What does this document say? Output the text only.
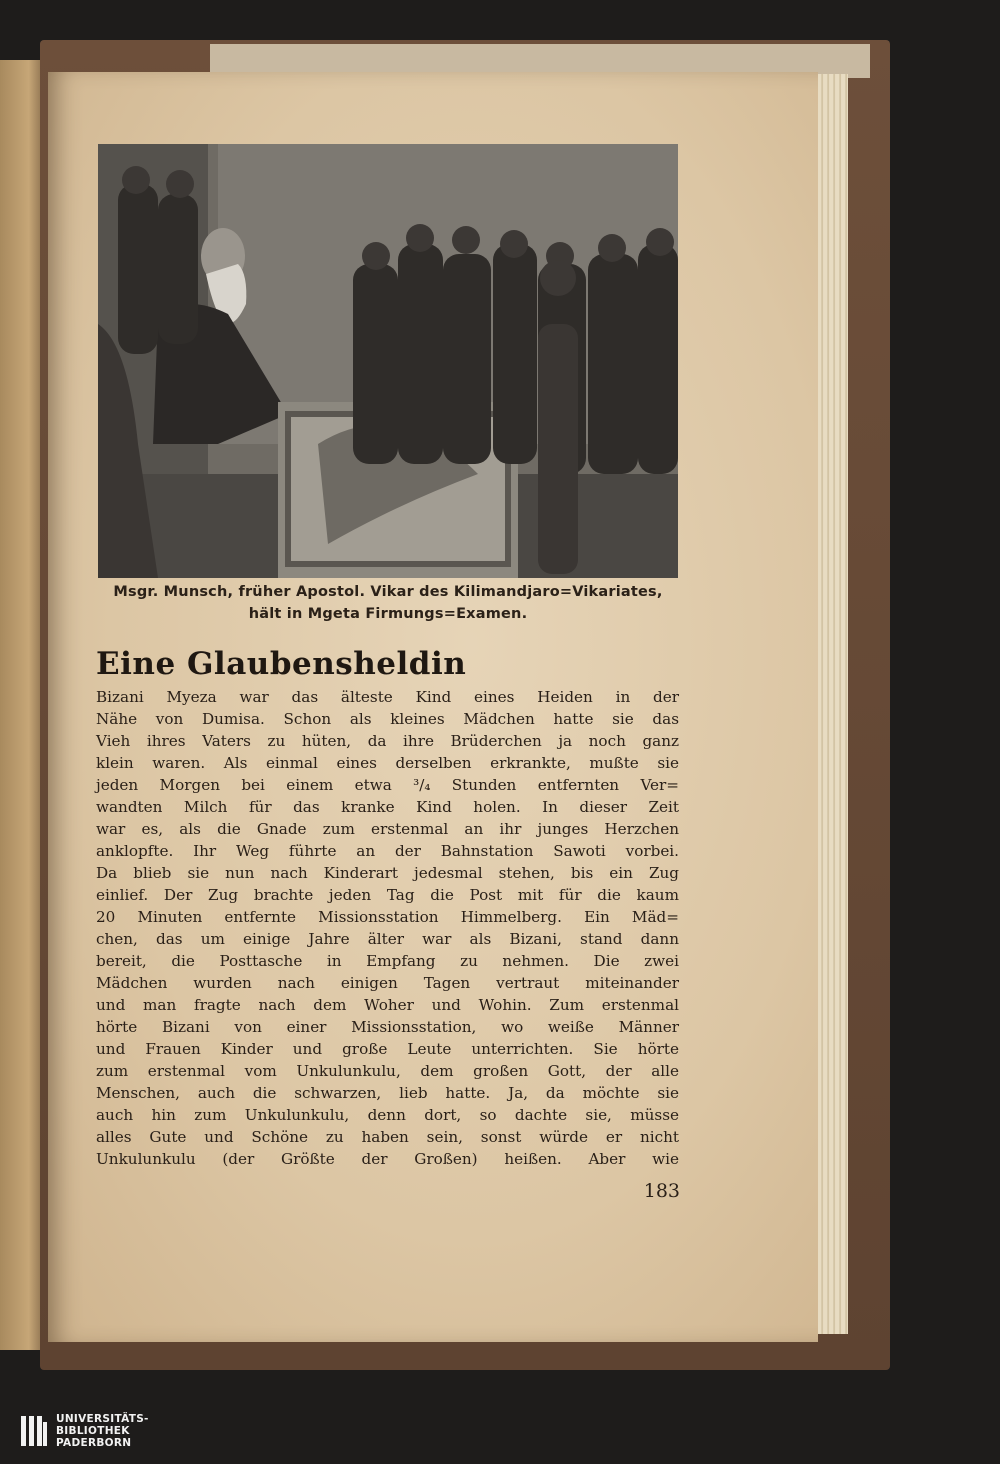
Msgr. Munsch, früher Apostol. Vikar des Kilimandjaro=Vikariates,
hält in Mgeta Firmungs=Examen.
Eine Glaubensheldin
Bizani Myeza war das älteste Kind eines Heiden in der
Nähe von Dumisa. Schon als kleines Mädchen hatte sie das
Vieh ihres Vaters zu hüten, da ihre Brüderchen ja noch ganz
klein waren. Als einmal eines derselben erkrankte, mußte sie
jeden Morgen bei einem etwa ³/₄ Stunden entfernten Ver=
wandten Milch für das kranke Kind holen. In dieser Zeit
war es, als die Gnade zum erstenmal an ihr junges Herzchen
anklopfte. Ihr Weg führte an der Bahnstation Sawoti vorbei.
Da blieb sie nun nach Kinderart jedesmal stehen, bis ein Zug
einlief. Der Zug brachte jeden Tag die Post mit für die kaum
20 Minuten entfernte Missionsstation Himmelberg. Ein Mäd=
chen, das um einige Jahre älter war als Bizani, stand dann
bereit, die Posttasche in Empfang zu nehmen. Die zwei
Mädchen wurden nach einigen Tagen vertraut miteinander
und man fragte nach dem Woher und Wohin. Zum erstenmal
hörte Bizani von einer Missionsstation, wo weiße Männer
und Frauen Kinder und große Leute unterrichten. Sie hörte
zum erstenmal vom Unkulunkulu, dem großen Gott, der alle
Menschen, auch die schwarzen, lieb hatte. Ja, da möchte sie
auch hin zum Unkulunkulu, denn dort, so dachte sie, müsse
alles Gute und Schöne zu haben sein, sonst würde er nicht
Unkulunkulu (der Größte der Großen) heißen. Aber wie
183
UNIVERSITÄTS-
BIBLIOTHEK
PADERBORN
